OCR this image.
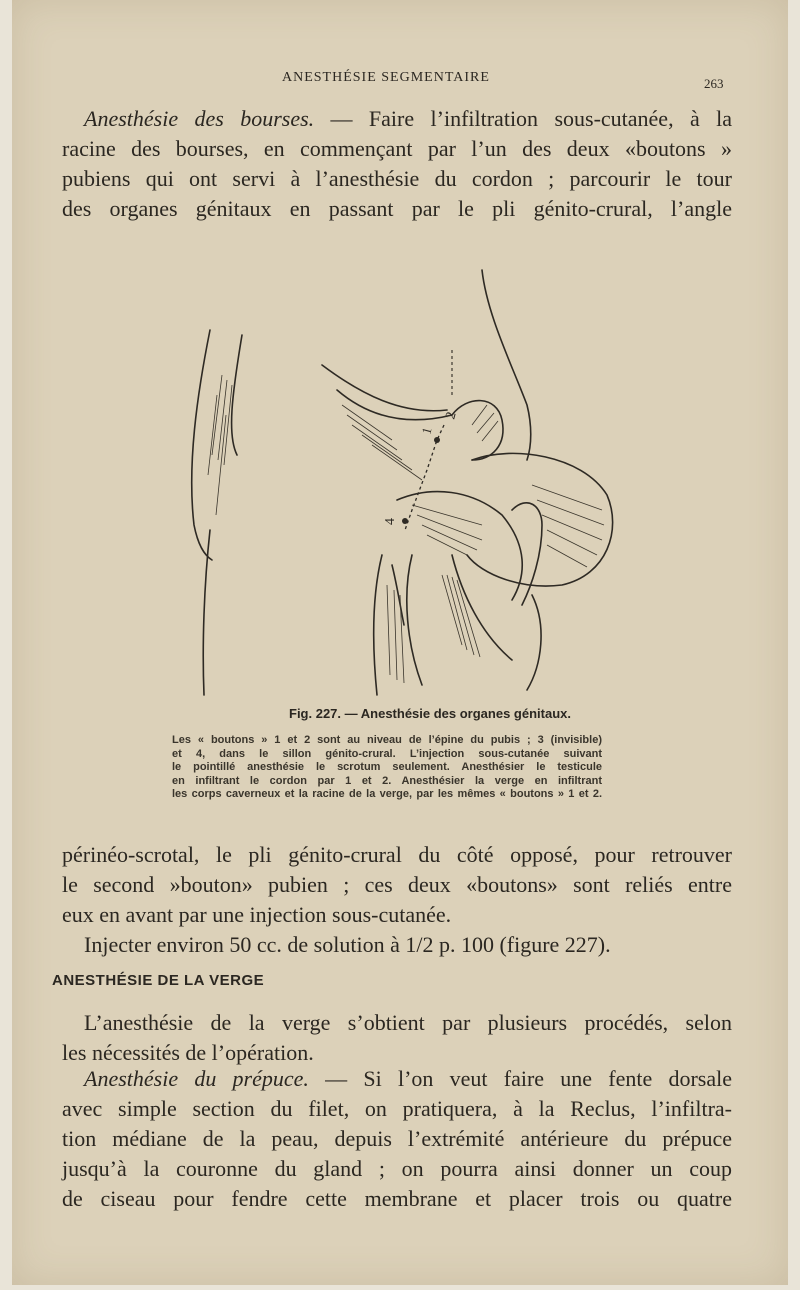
ANESTHÉSIE SEGMENTAIRE	263

Anesthésie des bourses. — Faire l’infiltration sous-cutanée, à la
racine des bourses, en commençant par l’un des deux «boutons »
pubiens qui ont servi à l’anesthésie du cordon ; parcourir le tour
des organes génitaux en passant par le pli génito-crural, l’angle

2
1
4
Fig. 227. — Anesthésie des organes génitaux.
Les « boutons » 1 et 2 sont au niveau de l’épine du pubis ; 3 (invisible)
et 4, dans le sillon génito-crural. L’injection sous-cutanée suivant
le pointillé anesthésie le scrotum seulement. Anesthésier le testicule
en infiltrant le cordon par 1 et 2. Anesthésier la verge en infiltrant
les corps caverneux et la racine de la verge, par les mêmes « boutons » 1 et 2.

périnéo-scrotal, le pli génito-crural du côté opposé, pour retrouver
le second »bouton» pubien ; ces deux «boutons» sont reliés entre
eux en avant par une injection sous-cutanée.
Injecter environ 50 cc. de solution à 1/2 p. 100 (figure 227).

ANESTHÉSIE DE LA VERGE

L’anesthésie de la verge s’obtient par plusieurs procédés, selon
les nécessités de l’opération.

Anesthésie du prépuce. — Si l’on veut faire une fente dorsale
avec simple section du filet, on pratiquera, à la Reclus, l’infiltra-
tion médiane de la peau, depuis l’extrémité antérieure du prépuce
jusqu’à la couronne du gland ; on pourra ainsi donner un coup
de ciseau pour fendre cette membrane et placer trois ou quatre
